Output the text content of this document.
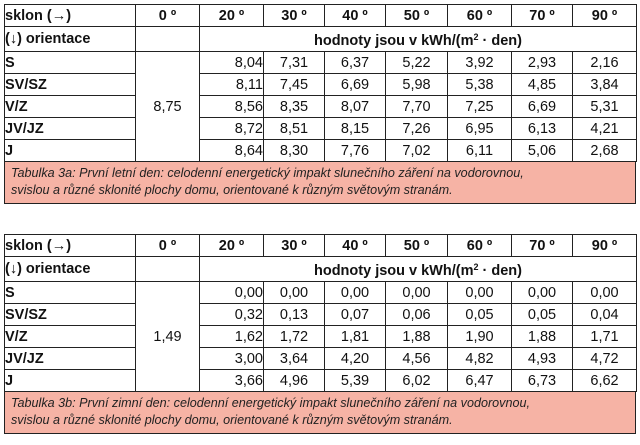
sklon (→)	0 º	20 º	30 º	40 º	50 º	60 º	70 º	90 º
(↓) orientace		hodnoty jsou v kWh/$(m^2 \cdot den)$						
S	8,75	8,04	7,31	6,37	5,22	3,92	2,93	2,16
SV/SZ		8,11	7,45	6,69	5,98	5,38	4,85	3,84
V/Z		8,56	8,35	8,07	7,70	7,25	6,69	5,31
JV/JZ		8,72	8,51	8,15	7,26	6,95	6,13	4,21
J		8,64	8,30	7,76	7,02	6,11	5,06	2,68
Tabulka 3a: První letní den: celodenní energetický impakt slunečního záření na vodorovnou,
svislou a různé sklonité plochy domu, orientované k různým světovým stranám.
sklon (→)	0 º	20 º	30 º	40 º	50 º	60 º	70 º	90 º
(↓) orientace		hodnoty jsou v kWh/$(m^2 \cdot den)$						
S	1,49	0,00	0,00	0,00	0,00	0,00	0,00	0,00
SV/SZ		0,32	0,13	0,07	0,06	0,05	0,05	0,04
V/Z		1,62	1,72	1,81	1,88	1,90	1,88	1,71
JV/JZ		3,00	3,64	4,20	4,56	4,82	4,93	4,72
J		3,66	4,96	5,39	6,02	6,47	6,73	6,62
Tabulka 3b: První zimní den: celodenní energetický impakt slunečního záření na vodorovnou,
svislou a různé sklonité plochy domu, orientované k různým světovým stranám.
